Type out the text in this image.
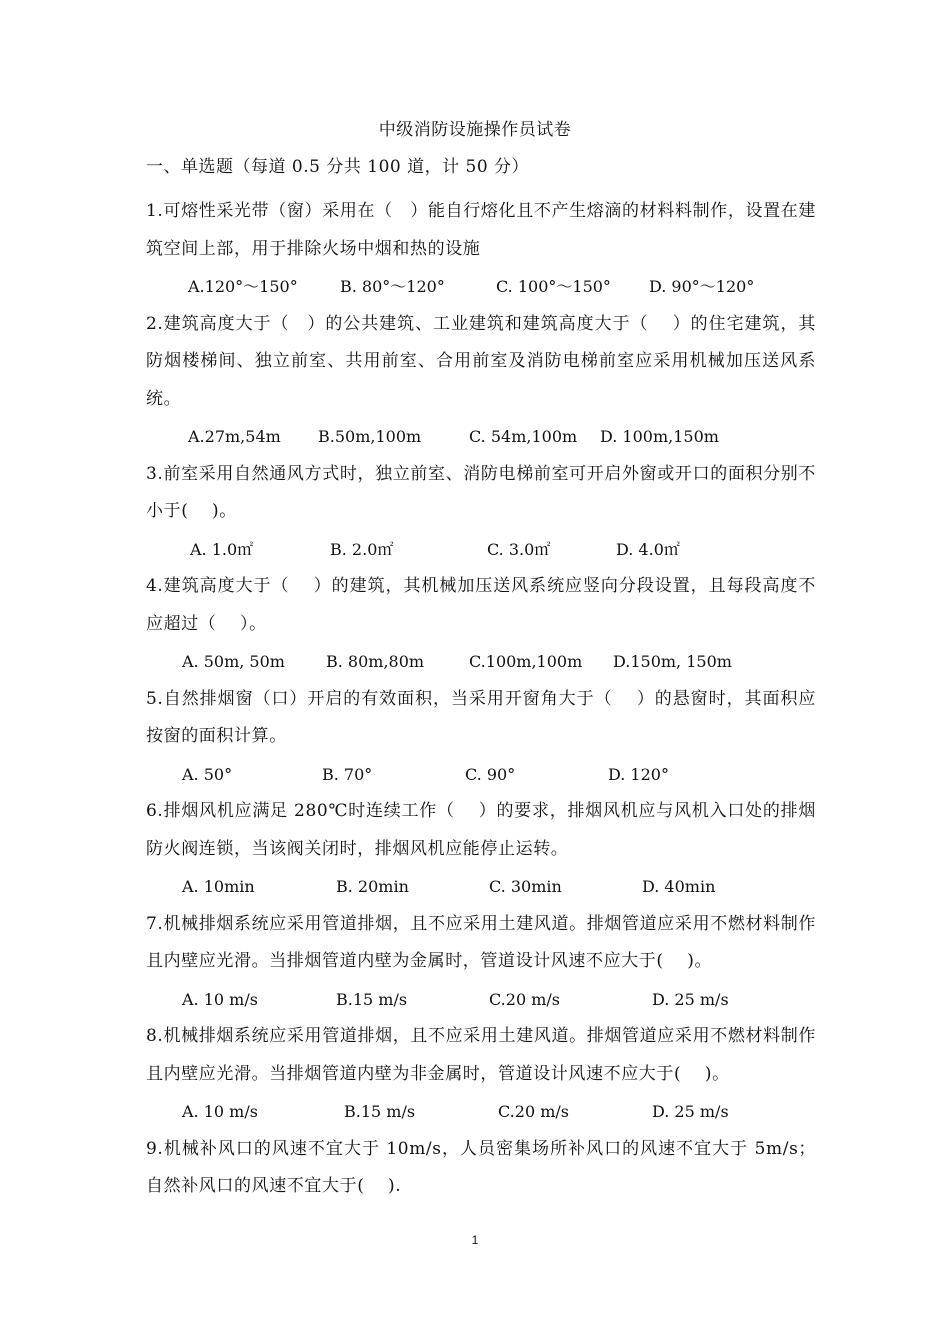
中级消防设施操作员试卷
一、单选题（每道 0.5 分共 100 道，计 50 分）

1.可熔性采光带（窗）采用在（　）能自行熔化且不产生熔滴的材料料制作，设置在建筑空间上部，用于排除火场中烟和热的设施

A.120°～150°	B. 80°～120°	C. 100°～150° D. 90°～120°

2.建筑高度大于（　）的公共建筑、工业建筑和建筑高度大于（　 ）的住宅建筑，其防烟楼梯间、独立前室、共用前室、合用前室及消防电梯前室应采用机械加压送风系统。

A.27m,54m B.50m,100m	C. 54m,100m D. 100m,150m

3.前室采用自然通风方式时，独立前室、消防电梯前室可开启外窗或开口的面积分别不小于(　 )。

A. 1.0㎡	B. 2.0㎡	C. 3.0㎡	D. 4.0㎡

4.建筑高度大于（　 ）的建筑，其机械加压送风系统应竖向分段设置，且每段高度不应超过（　 ）。

A. 50m, 50m	B. 80m,80m	C.100m,100m D.150m, 150m

5.自然排烟窗（口）开启的有效面积，当采用开窗角大于（　 ）的悬窗时，其面积应按窗的面积计算。

A. 50°	B. 70°	C. 90°	D. 120°

6.排烟风机应满足 280℃时连续工作（　 ）的要求，排烟风机应与风机入口处的排烟防火阀连锁，当该阀关闭时，排烟风机应能停止运转。

A. 10min	B. 20min	C. 30min	D. 40min

7.机械排烟系统应采用管道排烟，且不应采用土建风道。排烟管道应采用不燃材料制作且内壁应光滑。当排烟管道内壁为金属时，管道设计风速不应大于(　 )。

A. 10 m/s	B.15 m/s	C.20 m/s	D. 25 m/s

8.机械排烟系统应采用管道排烟，且不应采用土建风道。排烟管道应采用不燃材料制作且内壁应光滑。当排烟管道内壁为非金属时，管道设计风速不应大于(　 )。

A. 10 m/s	B.15 m/s	C.20 m/s	D. 25 m/s

9.机械补风口的风速不宜大于 10m/s，人员密集场所补风口的风速不宜大于 5m/s；自然补风口的风速不宜大于(　 ).

1
